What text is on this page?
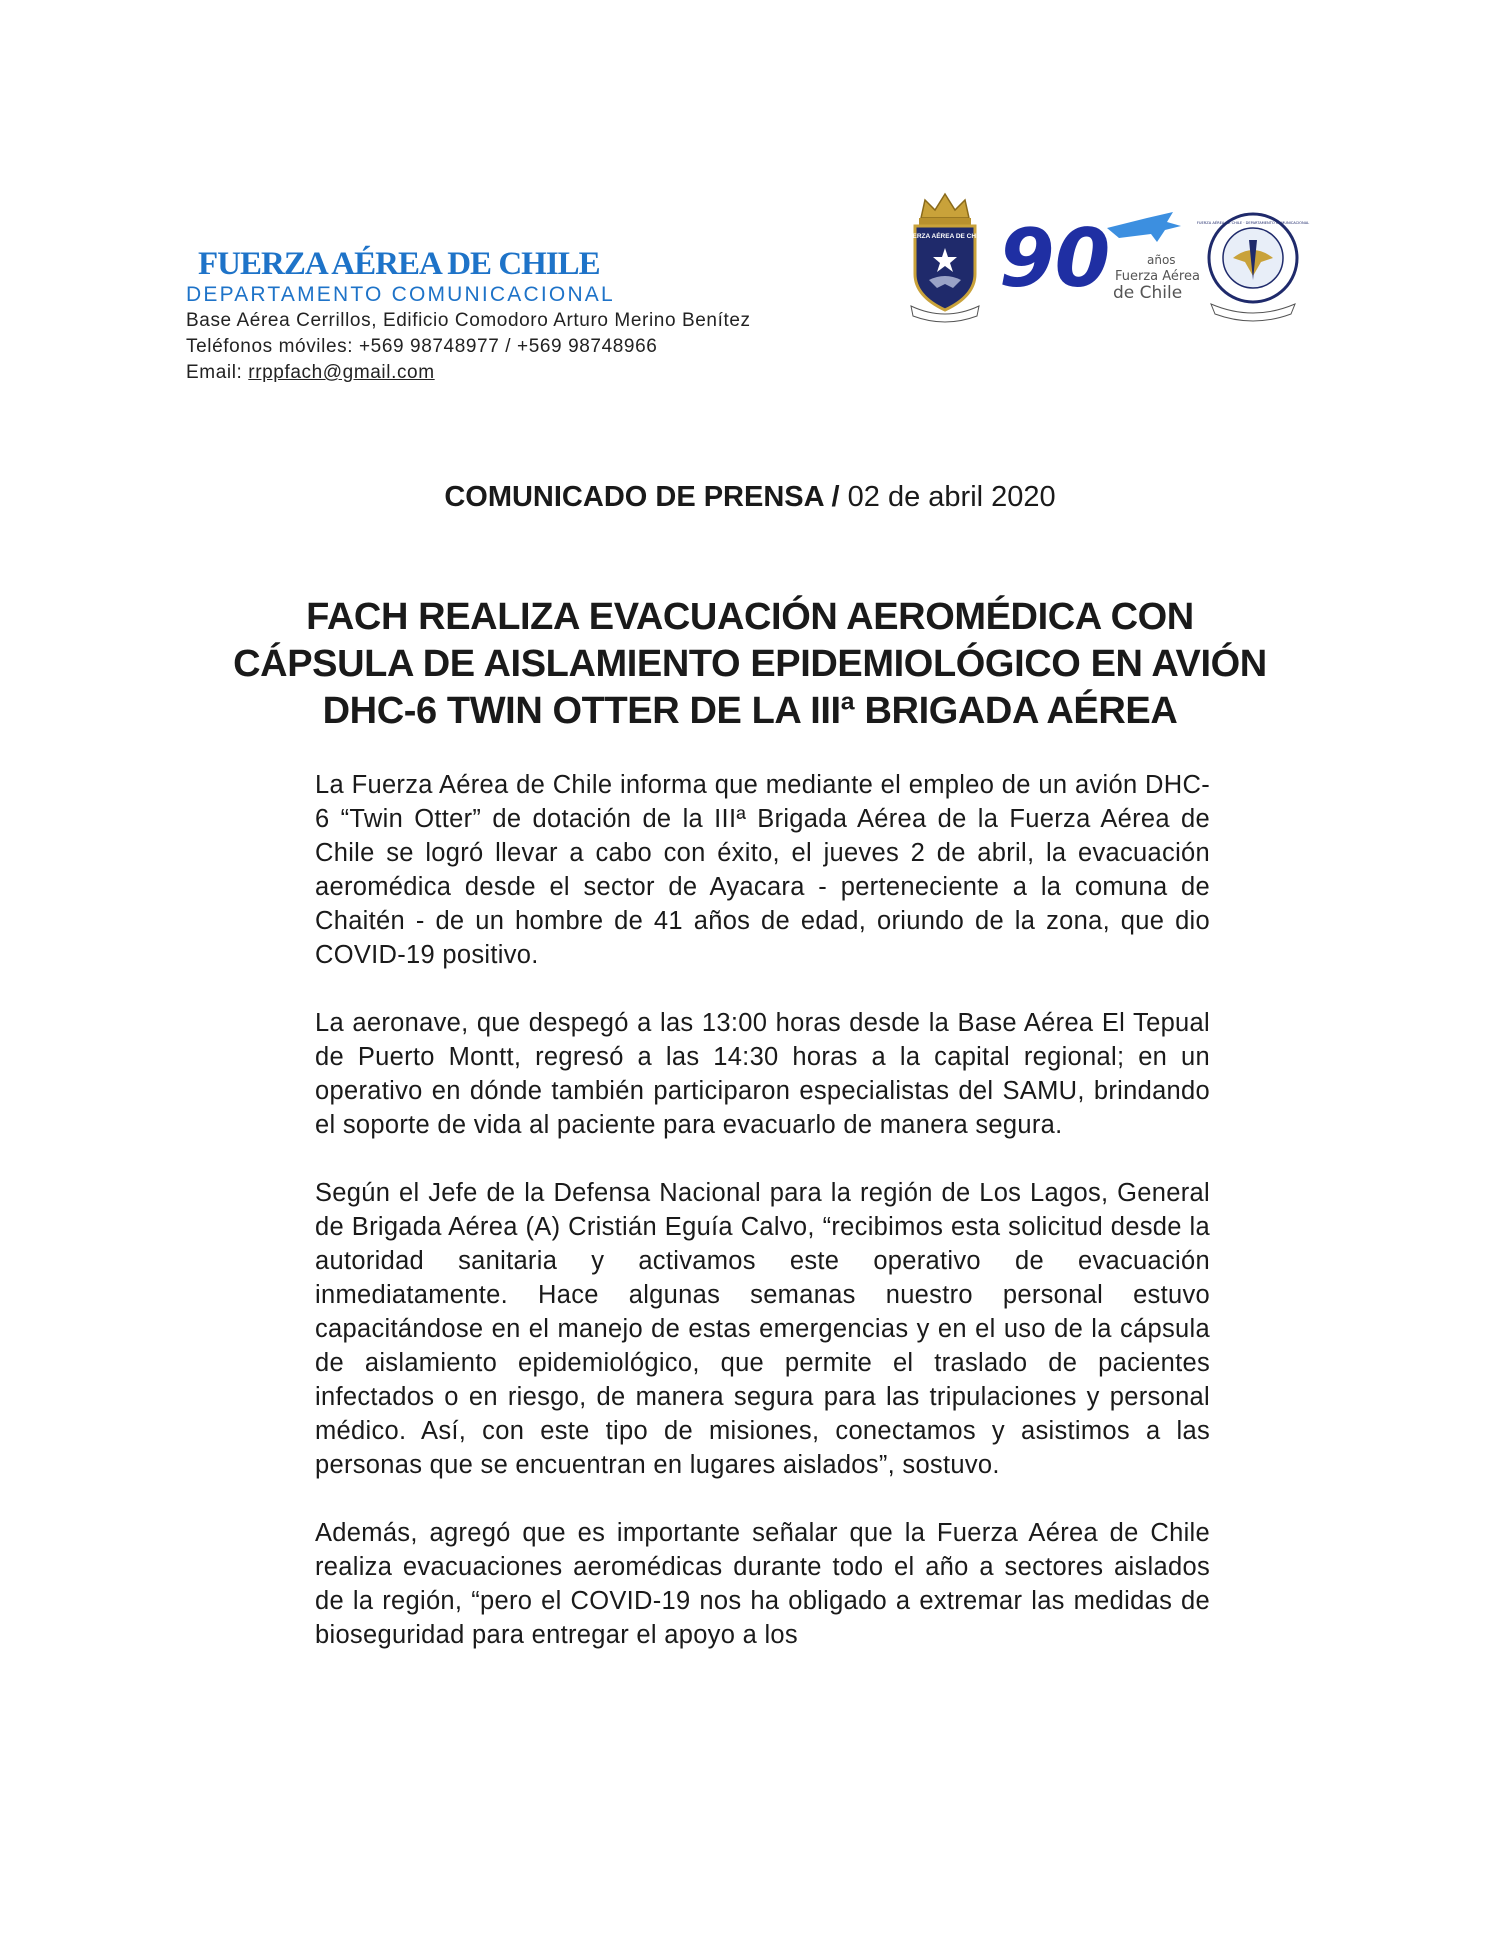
FUERZA AÉREA DE CHILE
DEPARTAMENTO COMUNICACIONAL
Base Aérea Cerrillos, Edificio Comodoro Arturo Merino Benítez
Teléfonos móviles: +569 98748977 / +569 98748966
Email: rrppfach@gmail.com
FUERZA AÉREA DE CHILE 90	años
Fuerza Aérea
de Chile
FUERZA AÉREA DE CHILE · DEPARTAMENTO COMUNICACIONAL
COMUNICADO DE PRENSA / 02 de abril 2020
FACH REALIZA EVACUACIÓN AEROMÉDICA CON
CÁPSULA DE AISLAMIENTO EPIDEMIOLÓGICO EN AVIÓN
DHC-6 TWIN OTTER DE LA IIIª BRIGADA AÉREA

La Fuerza Aérea de Chile informa que mediante el empleo de un avión DHC-6 “Twin Otter” de dotación de la IIIª Brigada Aérea de la Fuerza Aérea de Chile se logró llevar a cabo con éxito, el jueves 2 de abril, la evacuación aeromédica desde el sector de Ayacara - perteneciente a la comuna de Chaitén - de un hombre de 41 años de edad, oriundo de la zona, que dio COVID-19 positivo.

La aeronave, que despegó a las 13:00 horas desde la Base Aérea El Tepual de Puerto Montt, regresó a las 14:30 horas a la capital regional; en un operativo en dónde también participaron especialistas del SAMU, brindando el soporte de vida al paciente para evacuarlo de manera segura.

Según el Jefe de la Defensa Nacional para la región de Los Lagos, General de Brigada Aérea (A) Cristián Eguía Calvo, “recibimos esta solicitud desde la autoridad sanitaria y activamos este operativo de evacuación inmediatamente. Hace algunas semanas nuestro personal estuvo capacitándose en el manejo de estas emergencias y en el uso de la cápsula de aislamiento epidemiológico, que permite el traslado de pacientes infectados o en riesgo, de manera segura para las tripulaciones y personal médico. Así, con este tipo de misiones, conectamos y asistimos a las personas que se encuentran en lugares aislados”, sostuvo.

Además, agregó que es importante señalar que la Fuerza Aérea de Chile realiza evacuaciones aeromédicas durante todo el año a sectores aislados de la región, “pero el COVID-19 nos ha obligado a extremar las medidas de bioseguridad para entregar el apoyo a los
